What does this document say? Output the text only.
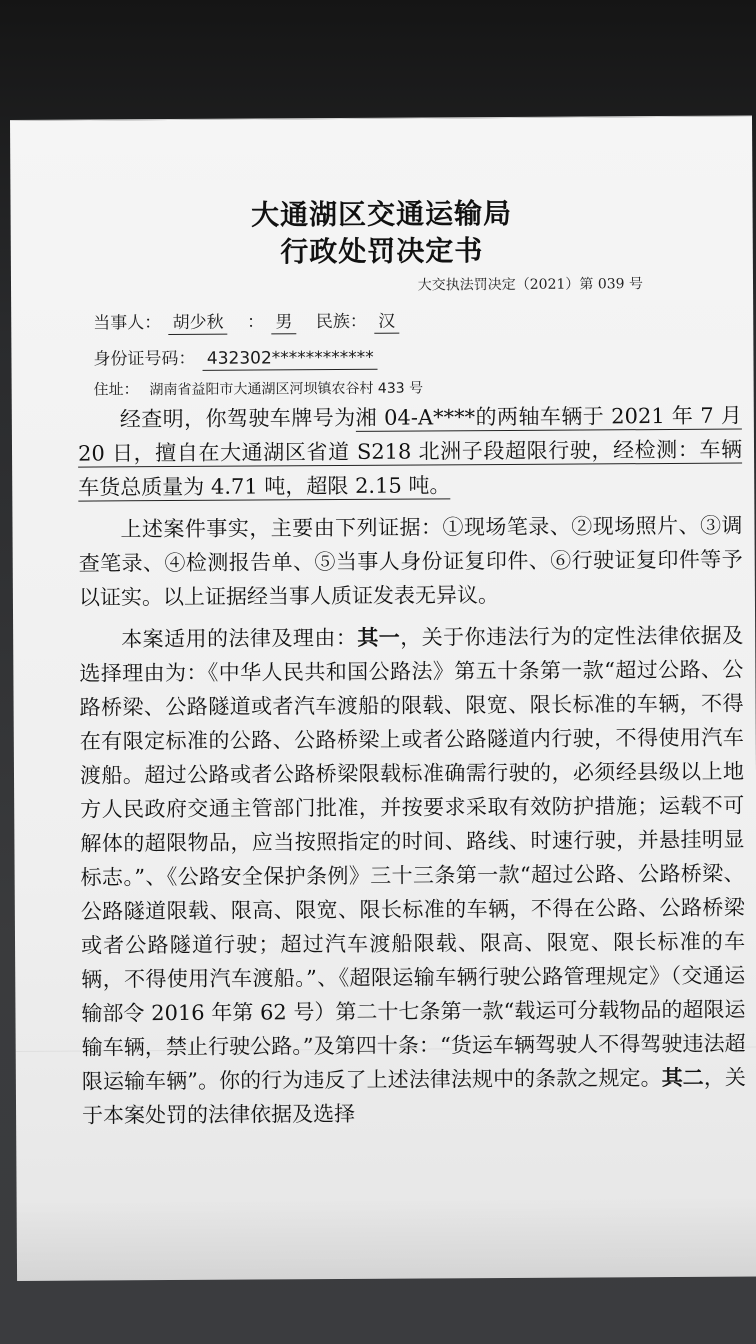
大通湖区交通运输局
行政处罚决定书
大交执法罚决定（2021）第 039 号
当事人： 胡少秋 ： 男 民族： 汉
身份证号码： 432302************
住址： 湖南省益阳市大通湖区河坝镇农谷村 433 号

经查明，你驾驶车牌号为湘 04-A****的两轴车辆于 2021 年 7 月 20 日，擅自在大通湖区省道 S218 北洲子段超限行驶，经检测：车辆车货总质量为 4.71 吨，超限 2.15 吨。

上述案件事实，主要由下列证据：①现场笔录、②现场照片、③调查笔录、④检测报告单、⑤当事人身份证复印件、⑥行驶证复印件等予以证实。以上证据经当事人质证发表无异议。

本案适用的法律及理由：其一，关于你违法行为的定性法律依据及选择理由为：《中华人民共和国公路法》第五十条第一款“超过公路、公路桥梁、公路隧道或者汽车渡船的限载、限宽、限长标准的车辆，不得在有限定标准的公路、公路桥梁上或者公路隧道内行驶，不得使用汽车渡船。超过公路或者公路桥梁限载标准确需行驶的，必须经县级以上地方人民政府交通主管部门批准，并按要求采取有效防护措施；运载不可解体的超限物品，应当按照指定的时间、路线、时速行驶，并悬挂明显标志。”、《公路安全保护条例》三十三条第一款“超过公路、公路桥梁、公路隧道限载、限高、限宽、限长标准的车辆，不得在公路、公路桥梁或者公路隧道行驶；超过汽车渡船限载、限高、限宽、限长标准的车辆，不得使用汽车渡船。”、《超限运输车辆行驶公路管理规定》（交通运输部令 2016 年第 62 号）第二十七条第一款“载运可分载物品的超限运输车辆，禁止行驶公路。”及第四十条：“货运车辆驾驶人不得驾驶违法超限运输车辆”。你的行为违反了上述法律法规中的条款之规定。其二，关于本案处罚的法律依据及选择
